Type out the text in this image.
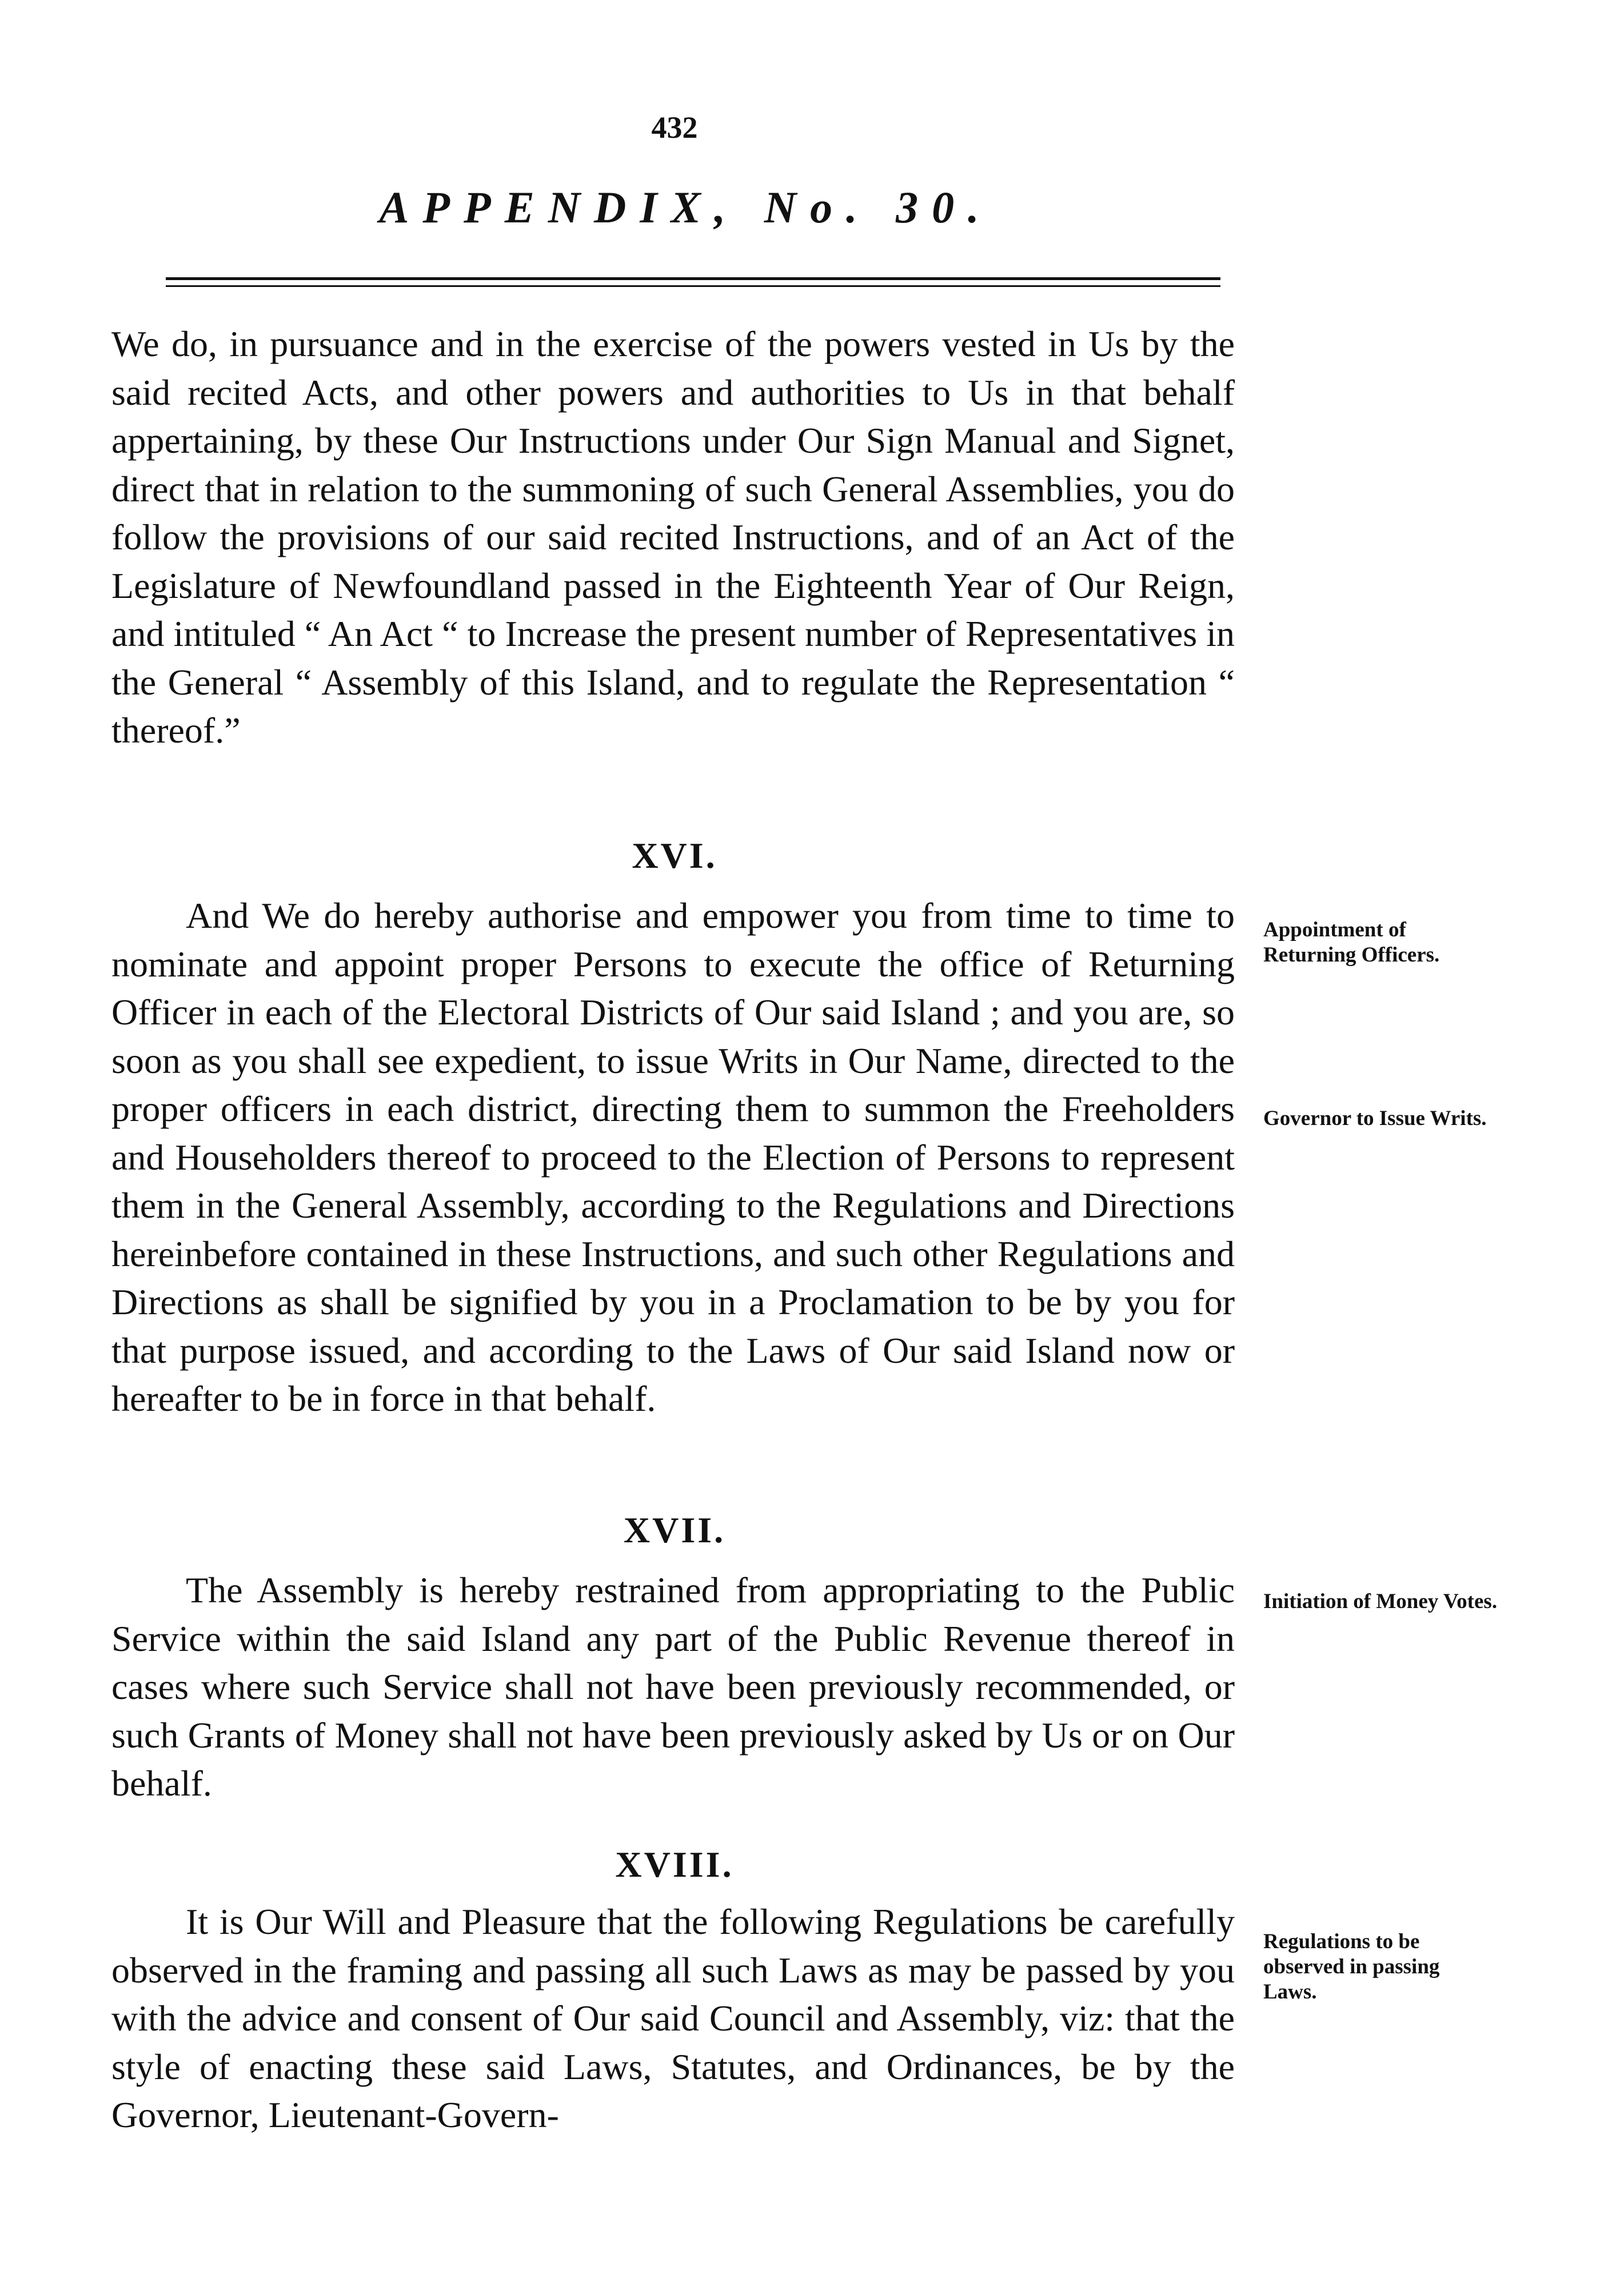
432
APPENDIX, No. 30.

We do, in pursuance and in the exercise of the powers vested in Us by the said recited Acts, and other powers and authorities to Us in that behalf appertaining, by these Our Instructions under Our Sign Manual and Signet, direct that in relation to the summoning of such General Assemblies, you do follow the provisions of our said recited Instructions, and of an Act of the Legislature of Newfoundland passed in the Eighteenth Year of Our Reign, and intituled “ An Act “ to Increase the present number of Representatives in the General “ Assembly of this Island, and to regulate the Representation “ thereof.”

XVI.

And We do hereby authorise and empower you from time to time to nominate and appoint proper Persons to execute the office of Returning Officer in each of the Electoral Districts of Our said Island ; and you are, so soon as you shall see expedient, to issue Writs in Our Name, directed to the proper officers in each district, directing them to summon the Freeholders and Householders thereof to proceed to the Election of Persons to represent them in the General Assembly, according to the Regulations and Directions hereinbefore contained in these Instructions, and such other Regulations and Directions as shall be signified by you in a Proclamation to be by you for that purpose issued, and according to the Laws of Our said Island now or hereafter to be in force in that behalf.

Appointment of Returning Officers.

Governor to Issue Writs.

XVII.

The Assembly is hereby restrained from appropriating to the Public Service within the said Island any part of the Public Revenue thereof in cases where such Service shall not have been previously recommended, or such Grants of Money shall not have been previously asked by Us or on Our behalf.

Initiation of Money Votes.

XVIII.

It is Our Will and Pleasure that the following Regulations be carefully observed in the framing and passing all such Laws as may be passed by you with the advice and consent of Our said Council and Assembly, viz: that the style of enacting these said Laws, Statutes, and Ordinances, be by the Governor, Lieutenant-Govern-

Regulations to be observed in passing Laws.
